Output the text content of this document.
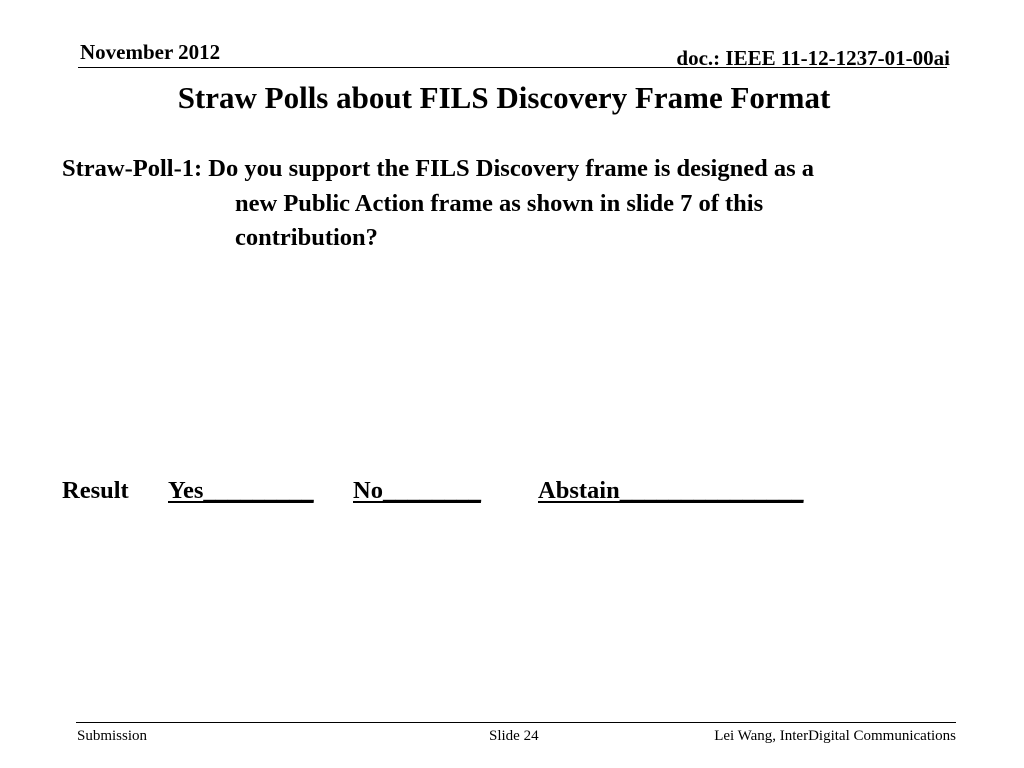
November 2012	doc.: IEEE 11-12-1237-01-00ai
Straw Polls about FILS Discovery Frame Format
Straw-Poll-1: Do you support the FILS Discovery frame is designed as a
new Public Action frame as shown in slide 7 of this
contribution?
Result Yes_________ No________ Abstain_______________
Submission	Slide 24	Lei Wang, InterDigital Communications
